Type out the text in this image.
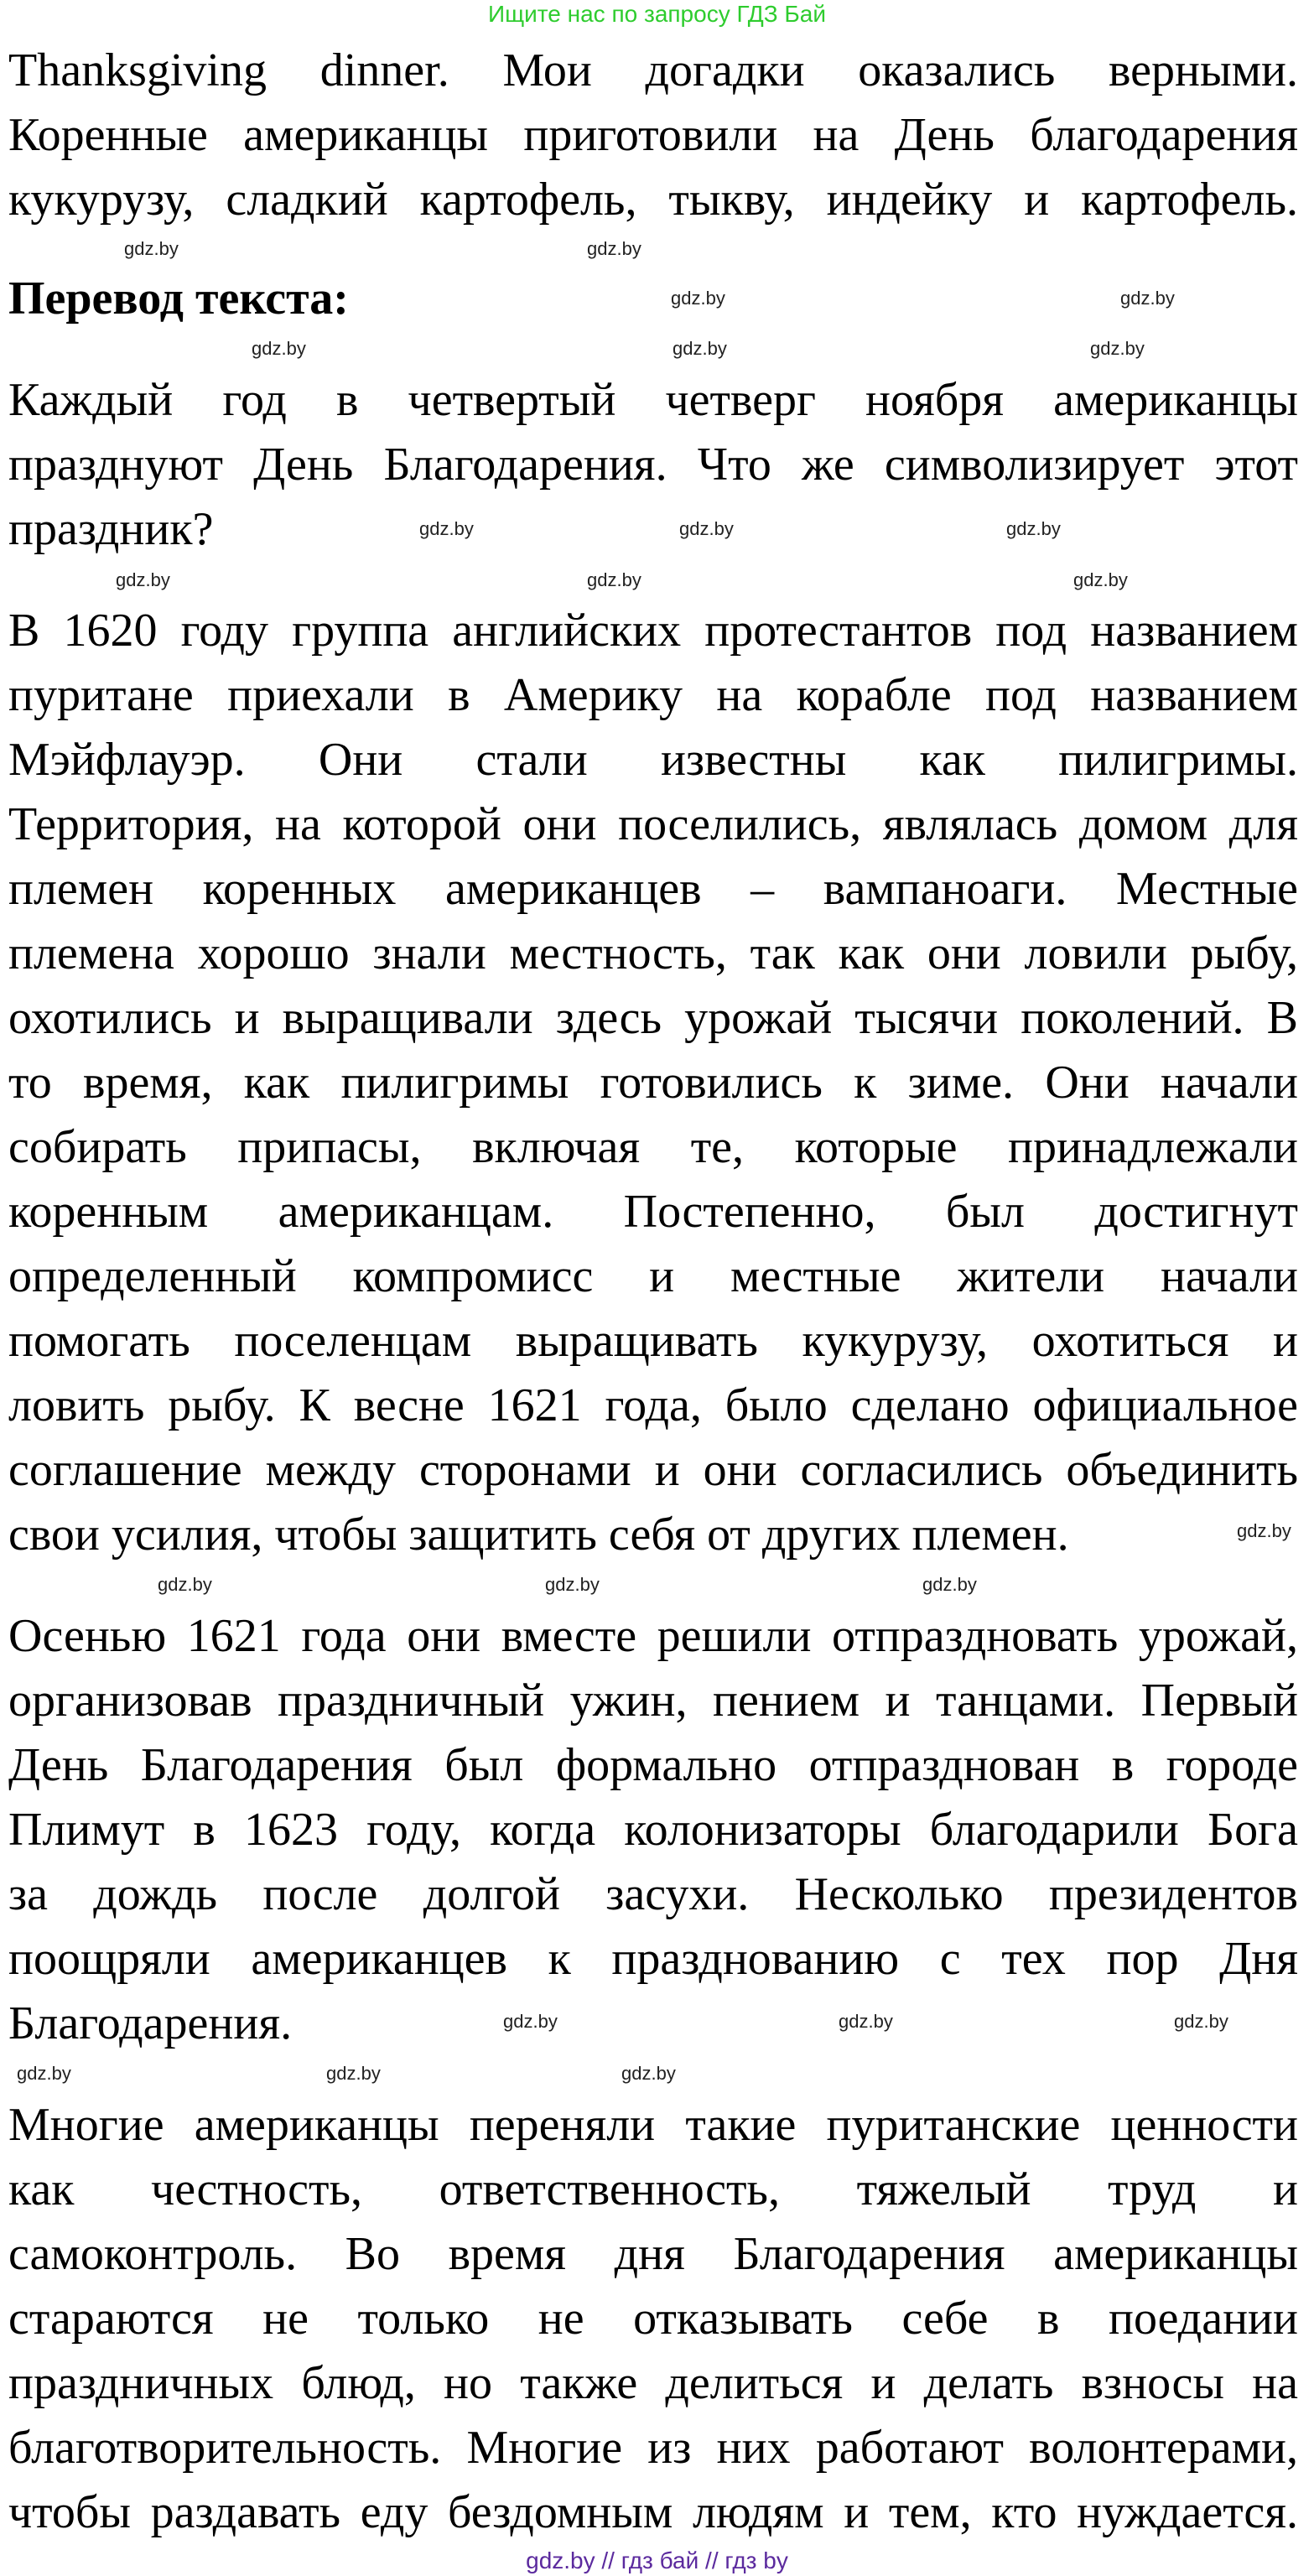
Ищите нас по запросу ГДЗ Бай
Thanksgiving dinner. Мои догадки оказались верными.
Коренные американцы приготовили на День благодарения
кукурузу, сладкий картофель, тыкву, индейку и картофель.
Перевод текста:
Каждый год в четвертый четверг ноября американцы
празднуют День Благодарения. Что же символизирует этот
праздник?
В 1620 году группа английских протестантов под названием
пуритане приехали в Америку на корабле под названием
Мэйфлауэр. Они стали известны как пилигримы.
Территория, на которой они поселились, являлась домом для
племен коренных американцев – вампаноаги. Местные
племена хорошо знали местность, так как они ловили рыбу,
охотились и выращивали здесь урожай тысячи поколений. В
то время, как пилигримы готовились к зиме. Они начали
собирать припасы, включая те, которые принадлежали
коренным американцам. Постепенно, был достигнут
определенный компромисс и местные жители начали
помогать поселенцам выращивать кукурузу, охотиться и
ловить рыбу. К весне 1621 года, было сделано официальное
соглашение между сторонами и они согласились объединить
свои усилия, чтобы защитить себя от других племен.
Осенью 1621 года они вместе решили отпраздновать урожай,
организовав праздничный ужин, пением и танцами. Первый
День Благодарения был формально отпразднован в городе
Плимут в 1623 году, когда колонизаторы благодарили Бога
за дождь после долгой засухи. Несколько президентов
поощряли американцев к празднованию с тех пор Дня
Благодарения.
Многие американцы переняли такие пуританские ценности
как честность, ответственность, тяжелый труд и
самоконтроль. Во время дня Благодарения американцы
стараются не только не отказывать себе в поедании
праздничных блюд, но также делиться и делать взносы на
благотворительность. Многие из них работают волонтерами,
чтобы раздавать еду бездомным людям и тем, кто нуждается.
gdz.by	gdz.by
gdz.by	gdz.by
gdz.by	gdz.by	gdz.by
gdz.by	gdz.by	gdz.by
gdz.by	gdz.by	gdz.by
gdz.by
gdz.by	gdz.by	gdz.by
gdz.by	gdz.by	gdz.by
gdz.by	gdz.by	gdz.by
gdz.by // гдз бай // гдз by
